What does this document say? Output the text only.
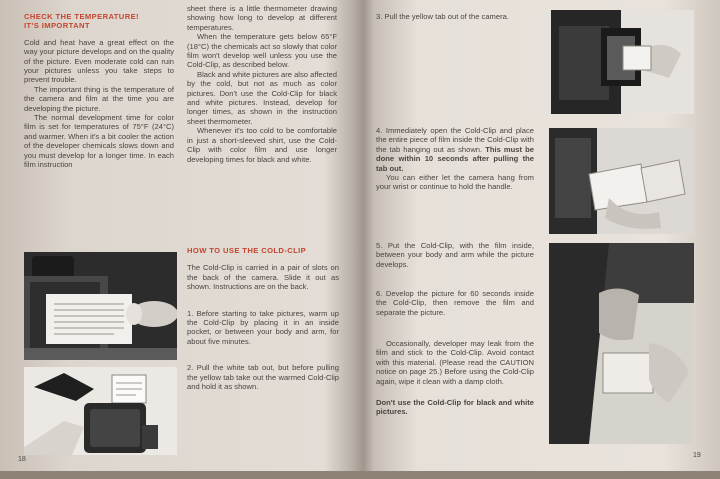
CHECK THE TEMPERATURE!
IT'S IMPORTANT

Cold and heat have a great effect on the way your picture develops and on the quality of the picture. Even moderate cold can ruin your pictures unless you take steps to prevent trouble.

The important thing is the temperature of the camera and film at the time you are developing the picture.

The normal development time for color film is set for temperatures of 75°F (24°C) and warmer. When it's a bit cooler the action of the developer chemicals slows down and you must develop for a longer time. In each film instruction

sheet there is a little thermometer drawing showing how long to develop at different temperatures.

When the temperature gets below 65°F (18°C) the chemicals act so slowly that color film won't develop well unless you use the Cold-Clip, as described below.

Black and white pictures are also affected by the cold, but not as much as color pictures. Don't use the Cold-Clip for black and white pictures. Instead, develop for longer times, as shown in the instruction sheet thermometer.

Whenever it's too cold to be comfortable in just a short-sleeved shirt, use the Cold-Clip with color film and use longer developing times for black and white.

HOW TO USE THE COLD-CLIP

The Cold-Clip is carried in a pair of slots on the back of the camera. Slide it out as shown. Instructions are on the back.

1. Before starting to take pictures, warm up the Cold-Clip by placing it in an inside pocket, or between your body and arm, for about five minutes.

2. Pull the white tab out, but before pulling the yellow tab take out the warmed Cold-Clip and hold it as shown.

18

3. Pull the yellow tab out of the camera.

4. Immediately open the Cold-Clip and place the entire piece of film inside the Cold-Clip with the tab hanging out as shown. This must be done within 10 seconds after pulling the tab out.

You can either let the camera hang from your wrist or continue to hold the handle.

5. Put the Cold-Clip, with the film inside, between your body and arm while the picture develops.

6. Develop the picture for 60 seconds inside the Cold-Clip, then remove the film and separate the picture.

Occasionally, developer may leak from the film and stick to the Cold-Clip. Avoid contact with this material. (Please read the CAUTION notice on page 25.) Before using the Cold-Clip again, wipe it clean with a damp cloth.

Don't use the Cold-Clip for black and white pictures.

19
